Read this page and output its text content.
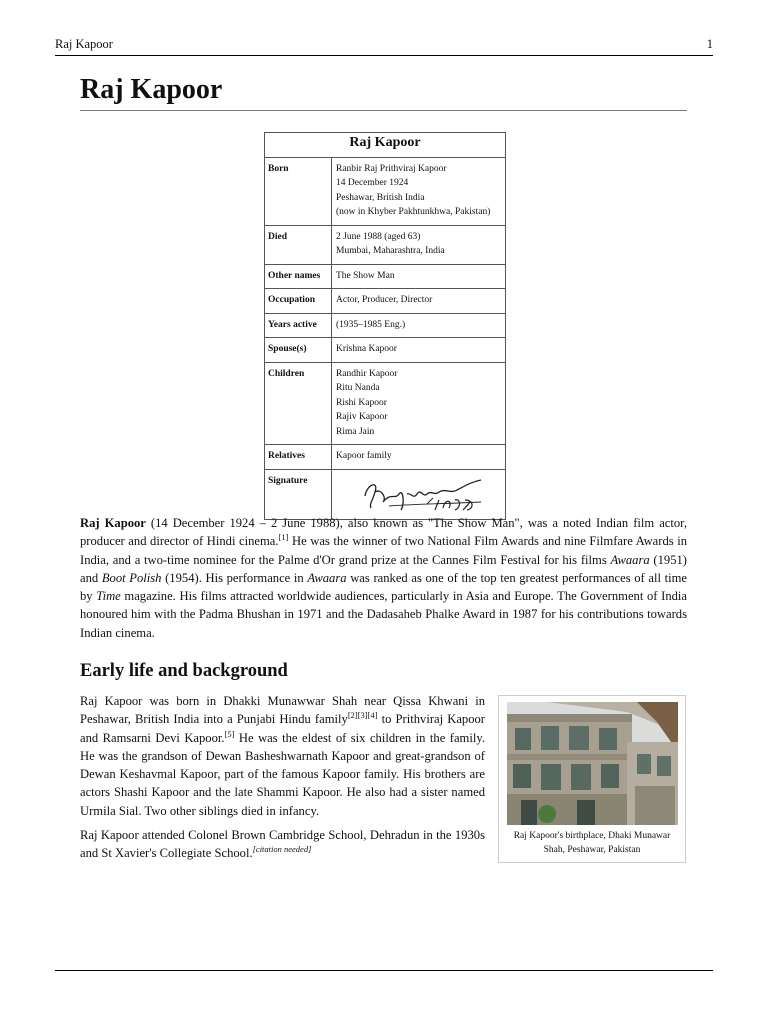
Raj Kapoor	1
Raj Kapoor
Raj Kapoor
Born	Ranbir Raj Prithviraj Kapoor
14 December 1924
Peshawar, British India
(now in Khyber Pakhtunkhwa, Pakistan)
Died	2 June 1988 (aged 63)
Mumbai, Maharashtra, India
Other names	The Show Man
Occupation	Actor, Producer, Director
Years active	(1935–1985 Eng.)
Spouse(s)	Krishna Kapoor
Children	Randhir Kapoor
Ritu Nanda
Rishi Kapoor
Rajiv Kapoor
Rima Jain
Relatives	Kapoor family
Signature

Raj Kapoor (14 December 1924 – 2 June 1988), also known as "The Show Man", was a noted Indian film actor, producer and director of Hindi cinema.[1] He was the winner of two National Film Awards and nine Filmfare Awards in India, and a two-time nominee for the Palme d'Or grand prize at the Cannes Film Festival for his films Awaara (1951) and Boot Polish (1954). His performance in Awaara was ranked as one of the top ten greatest performances of all time by Time magazine. His films attracted worldwide audiences, particularly in Asia and Europe. The Government of India honoured him with the Padma Bhushan in 1971 and the Dadasaheb Phalke Award in 1987 for his contributions towards Indian cinema.

Early life and background

Raj Kapoor was born in Dhakki Munawwar Shah near Qissa Khwani in Peshawar, British India into a Punjabi Hindu family[2][3][4] to Prithviraj Kapoor and Ramsarni Devi Kapoor.[5] He was the eldest of six children in the family. He was the grandson of Dewan Basheshwarnath Kapoor and great-grandson of Dewan Keshavmal Kapoor, part of the famous Kapoor family. His brothers are actors Shashi Kapoor and the late Shammi Kapoor. He also had a sister named Urmila Sial. Two other siblings died in infancy.

Raj Kapoor attended Colonel Brown Cambridge School, Dehradun in the 1930s and St Xavier's Collegiate School.[citation needed]

Raj Kapoor's birthplace, Dhaki Munawar Shah, Peshawar, Pakistan
